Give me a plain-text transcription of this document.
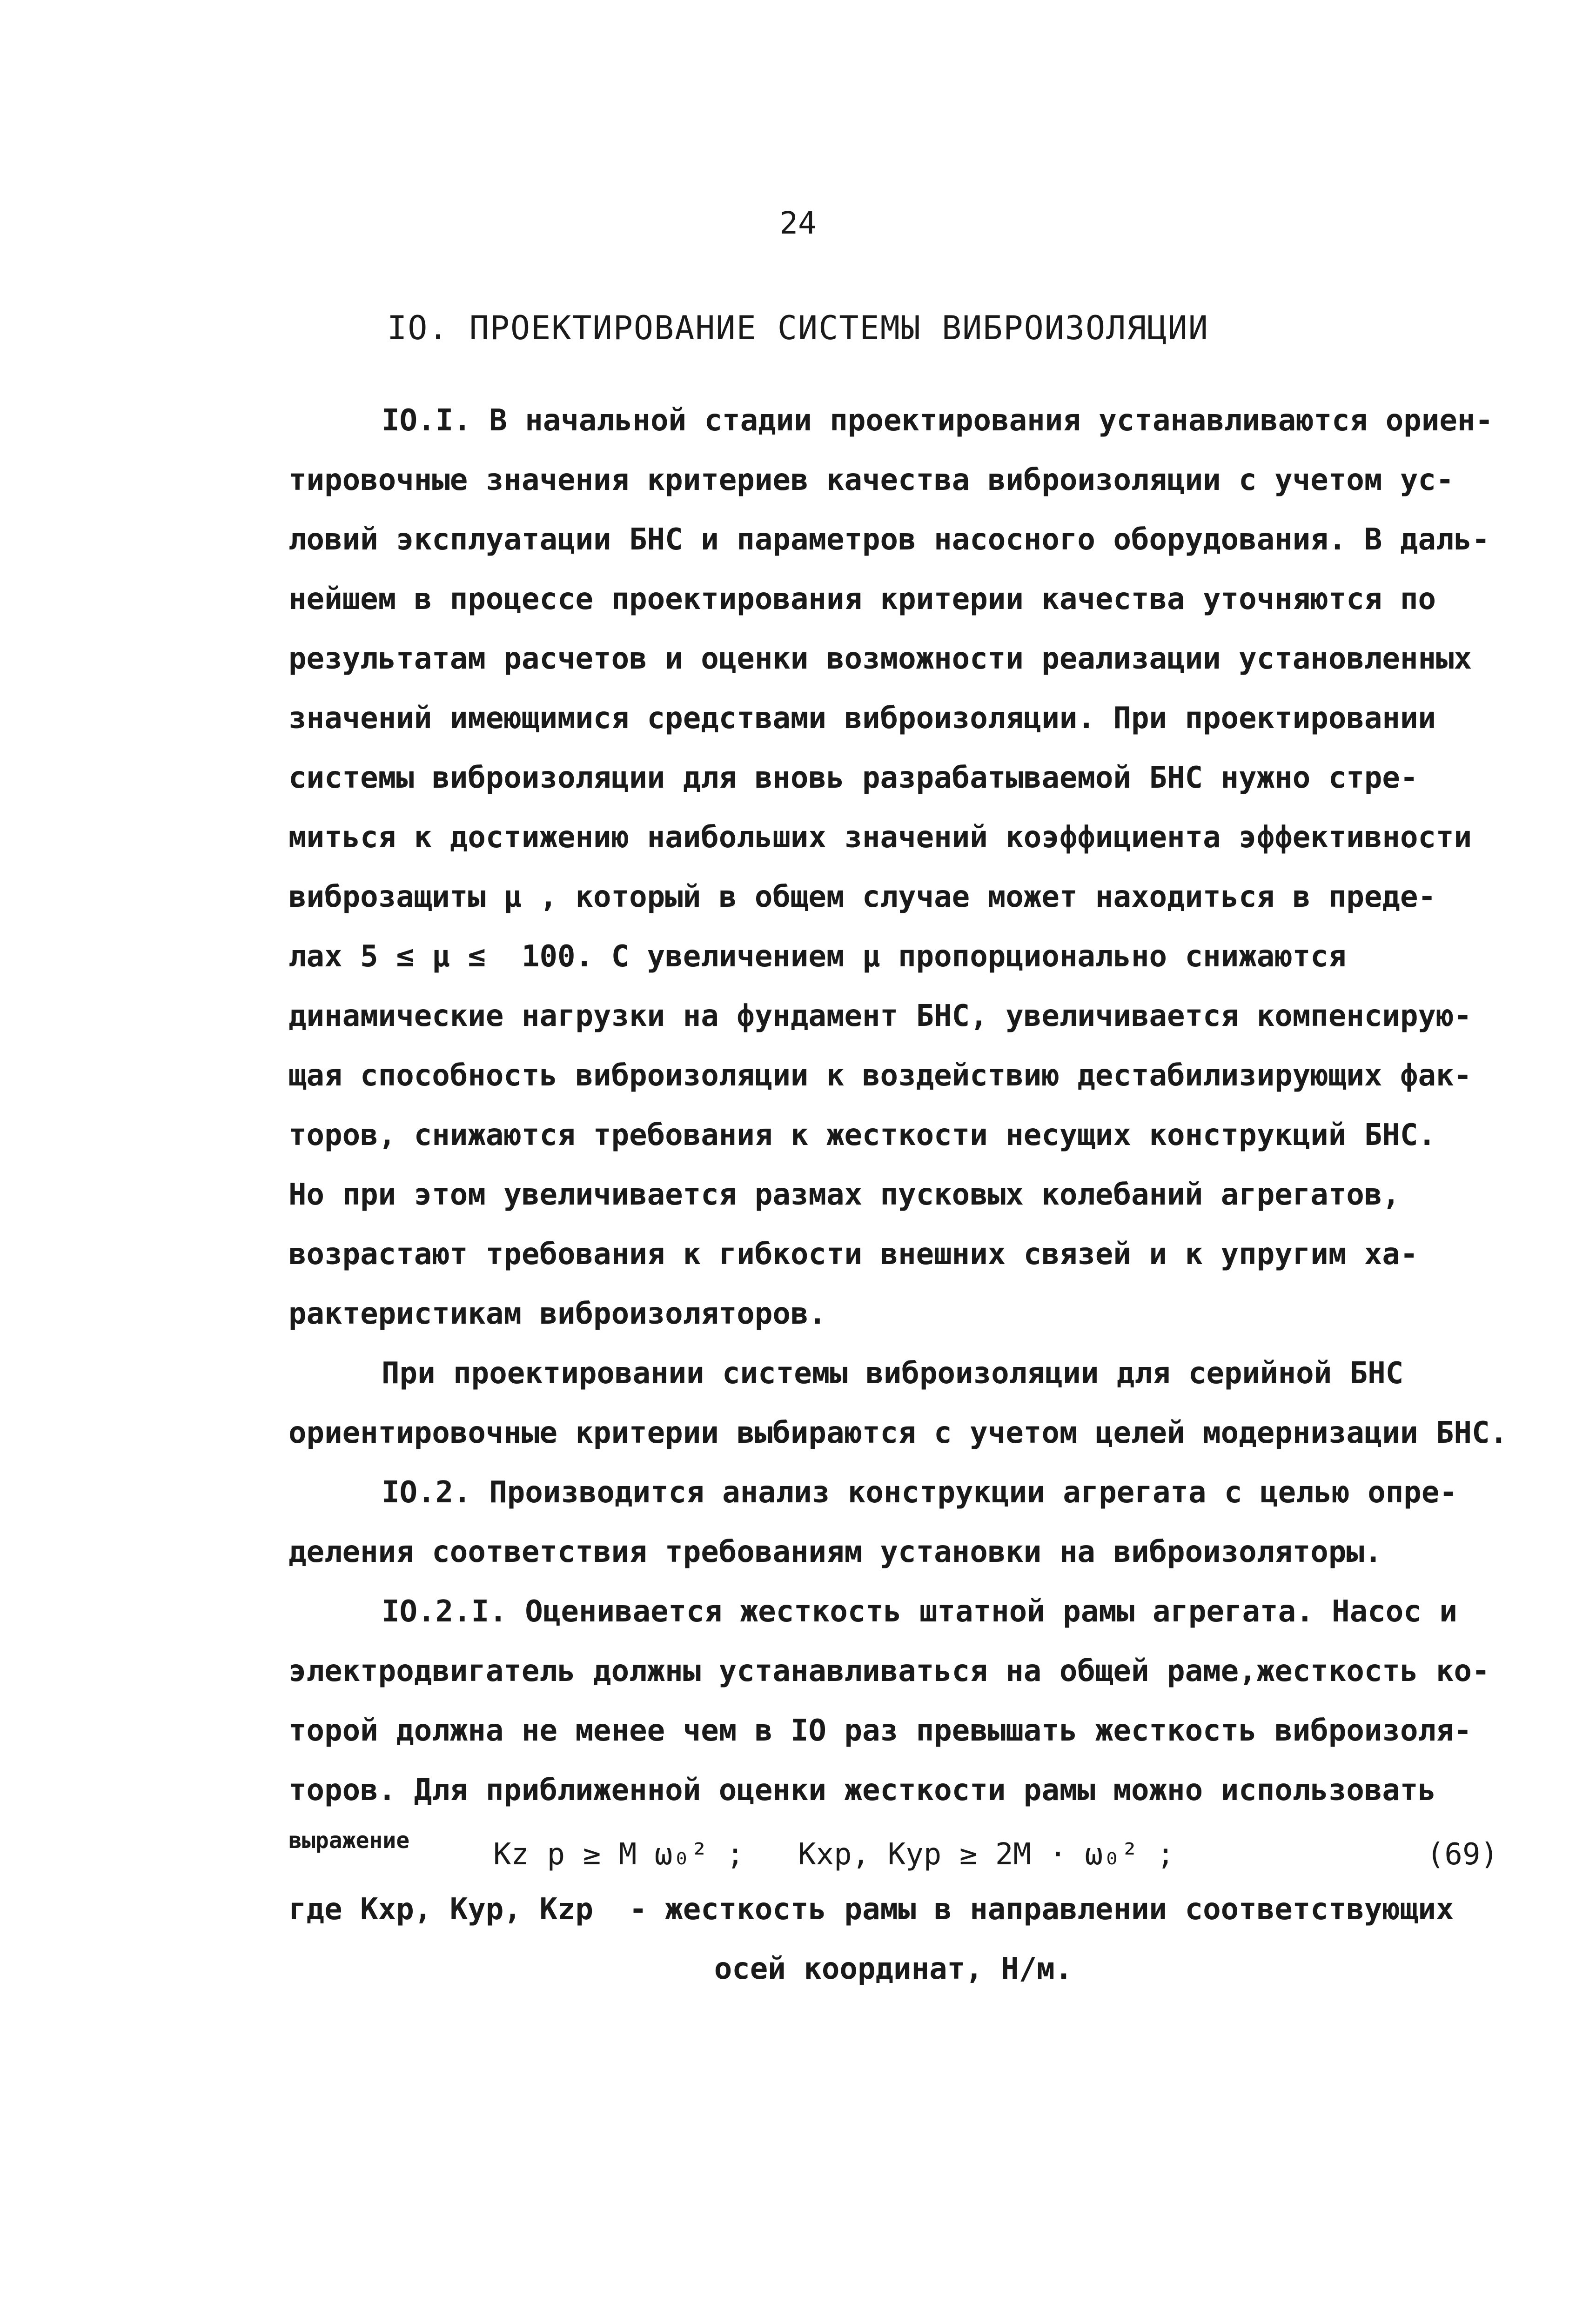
24
IO. ПРОЕКТИРОВАНИЕ СИСТЕМЫ ВИБРОИЗОЛЯЦИИ
IO.I. В начальной стадии проектирования устанавливаются ориен-
тировочные значения критериев качества виброизоляции с учетом ус-
ловий эксплуатации БНС и параметров насосного оборудования. В даль-
нейшем в процессе проектирования критерии качества уточняются по
результатам расчетов и оценки возможности реализации установленных
значений имеющимися средствами виброизоляции. При проектировании
системы виброизоляции для вновь разрабатываемой БНС нужно стре-
миться к достижению наибольших значений коэффициента эффективности
виброзащиты μ , который в общем случае может находиться в преде-
лах 5 ≤ μ ≤  100. С увеличением μ пропорционально снижаются
динамические нагрузки на фундамент БНС, увеличивается компенсирую-
щая способность виброизоляции к воздействию дестабилизирующих фак-
торов, снижаются требования к жесткости несущих конструкций БНС.
Но при этом увеличивается размах пусковых колебаний агрегатов,
возрастают требования к гибкости внешних связей и к упругим ха-
рактеристикам виброизоляторов.
При проектировании системы виброизоляции для серийной БНС
ориентировочные критерии выбираются с учетом целей модернизации БНС.
IO.2. Производится анализ конструкции агрегата с целью опре-
деления соответствия требованиям установки на виброизоляторы.
IO.2.I. Оценивается жесткость штатной рамы агрегата. Насос и
электродвигатель должны устанавливаться на общей раме,жесткость ко-
торой должна не менее чем в IO раз превышать жесткость виброизоля-
торов. Для приближенной оценки жесткости рамы можно использовать
выражение	Kz p ≥ M ω₀² ;   Kxp, Kyp ≥ 2M · ω₀² ;	(69)
где Kxp, Kyp, Kzp  - жесткость рамы в направлении соответствующих
осей координат, Н/м.
